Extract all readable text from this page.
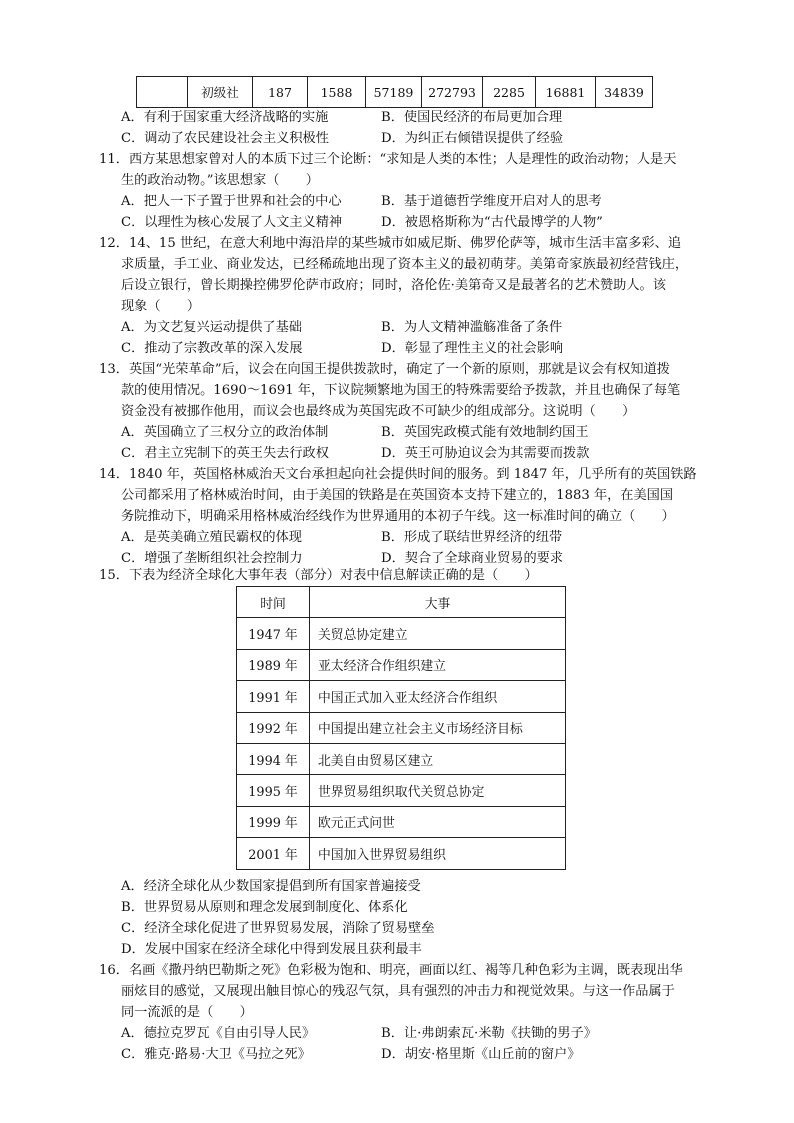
	初级社	187	1588	57189	272793	2285	16881	34839
A．有利于国家重大经济战略的实施	B．使国民经济的布局更加合理
C．调动了农民建设社会主义积极性	D．为纠正右倾错误提供了经验
11．西方某思想家曾对人的本质下过三个论断：“求知是人类的本性；人是理性的政治动物；人是天
生的政治动物。”该思想家（　　）
A．把人一下子置于世界和社会的中心	B．基于道德哲学维度开启对人的思考
C．以理性为核心发展了人文主义精神	D．被恩格斯称为“古代最博学的人物”
12．14、15 世纪，在意大利地中海沿岸的某些城市如威尼斯、佛罗伦萨等，城市生活丰富多彩、追
求质量，手工业、商业发达，已经稀疏地出现了资本主义的最初萌芽。美第奇家族最初经营钱庄，
后设立银行，曾长期操控佛罗伦萨市政府；同时，洛伦佐·美第奇又是最著名的艺术赞助人。该
现象（　　）
A．为文艺复兴运动提供了基础	B．为人文精神滥觞准备了条件
C．推动了宗教改革的深入发展	D．彰显了理性主义的社会影响
13．英国“光荣革命”后，议会在向国王提供拨款时，确定了一个新的原则，那就是议会有权知道拨
款的使用情况。1690～1691 年，下议院频繁地为国王的特殊需要给予拨款，并且也确保了每笔
资金没有被挪作他用，而议会也最终成为英国宪政不可缺少的组成部分。这说明（　　）
A．英国确立了三权分立的政治体制	B．英国宪政模式能有效地制约国王
C．君主立宪制下的英王失去行政权	D．英王可胁迫议会为其需要而拨款
14．1840 年，英国格林威治天文台承担起向社会提供时间的服务。到 1847 年，几乎所有的英国铁路
公司都采用了格林威治时间，由于美国的铁路是在英国资本支持下建立的，1883 年，在美国国
务院推动下，明确采用格林威治经线作为世界通用的本初子午线。这一标准时间的确立（　　）
A．是英美确立殖民霸权的体现	B．形成了联结世界经济的纽带
C．增强了垄断组织社会控制力	D．契合了全球商业贸易的要求
15．下表为经济全球化大事年表（部分）对表中信息解读正确的是（　　）
时间	大事
1947 年	关贸总协定建立
1989 年	亚太经济合作组织建立
1991 年	中国正式加入亚太经济合作组织
1992 年	中国提出建立社会主义市场经济目标
1994 年	北美自由贸易区建立
1995 年	世界贸易组织取代关贸总协定
1999 年	欧元正式问世
2001 年	中国加入世界贸易组织
A．经济全球化从少数国家提倡到所有国家普遍接受
B．世界贸易从原则和理念发展到制度化、体系化
C．经济全球化促进了世界贸易发展，消除了贸易壁垒
D．发展中国家在经济全球化中得到发展且获利最丰
16．名画《撒丹纳巴勒斯之死》色彩极为饱和、明亮，画面以红、褐等几种色彩为主调，既表现出华
丽炫目的感觉，又展现出触目惊心的残忍气氛，具有强烈的冲击力和视觉效果。与这一作品属于
同一流派的是（　　）
A．德拉克罗瓦《自由引导人民》	B．让·弗朗索瓦·米勒《扶锄的男子》
C．雅克·路易·大卫《马拉之死》	D．胡安·格里斯《山丘前的窗户》
